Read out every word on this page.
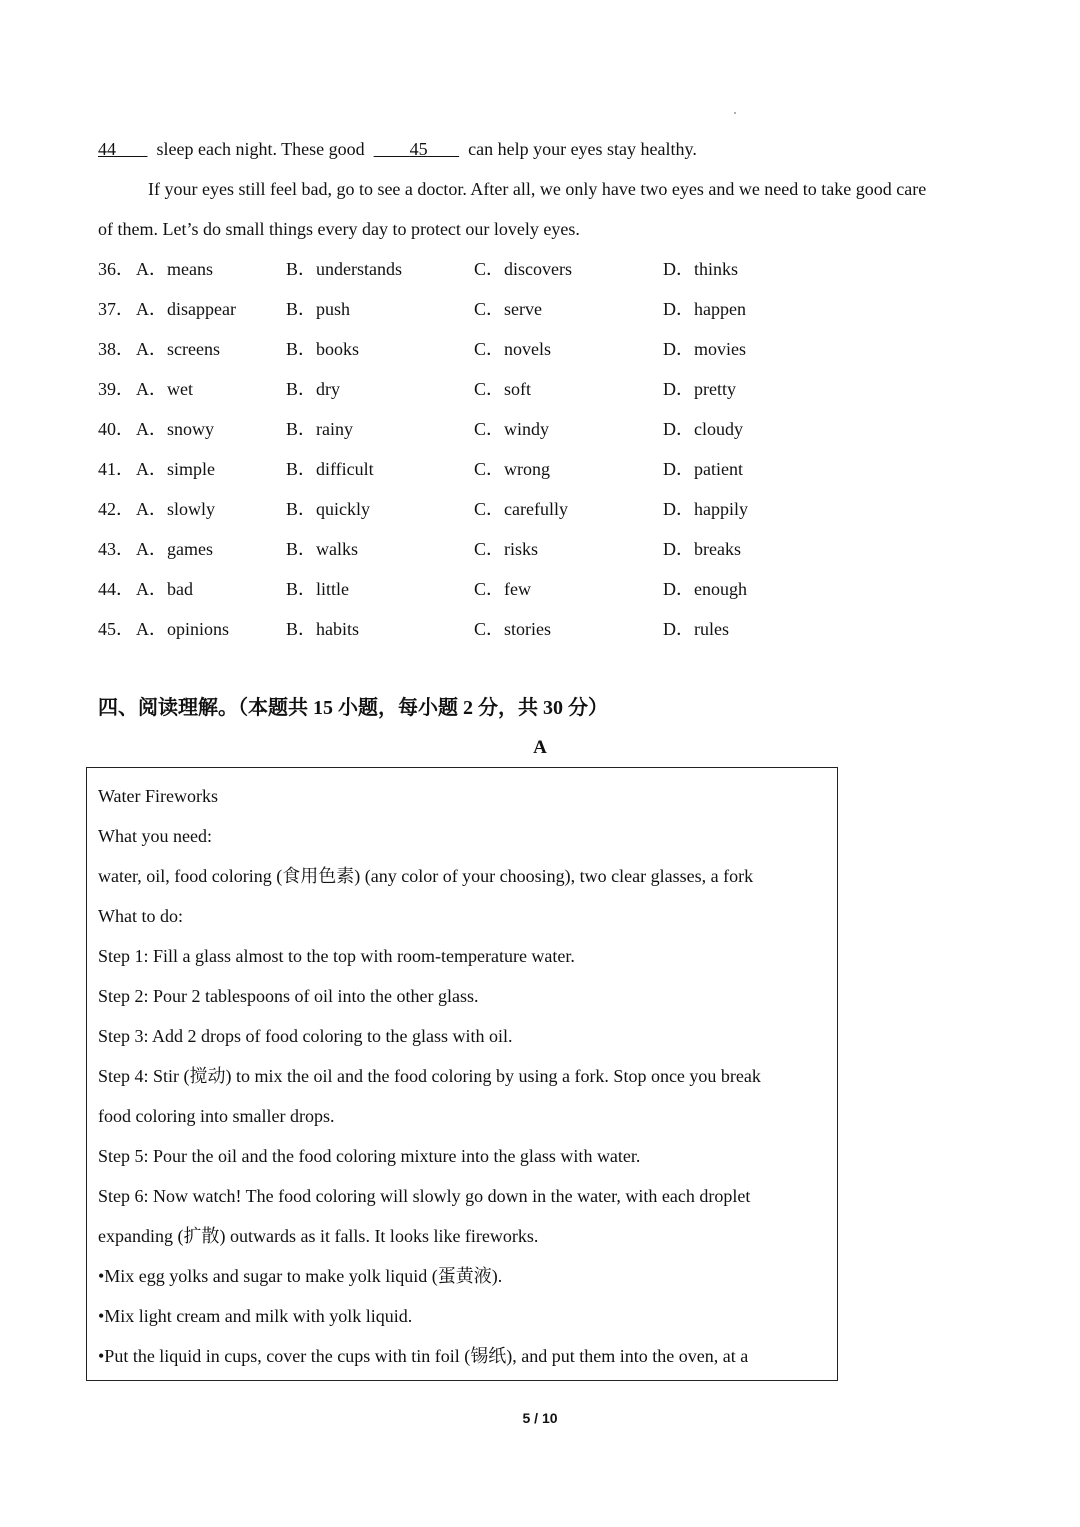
44 sleep each night. These good	45 can help your eyes stay healthy.
If your eyes still feel bad, go to see a doctor. After all, we only have two eyes and we need to take good care
of them. Let’s do small things every day to protect our lovely eyes.
36． A．means	B．understands	C．discovers	D．thinks
37． A．disappear	B．push	C．serve	D．happen
38． A．screens	B．books	C．novels	D．movies
39． A．wet	B．dry	C．soft	D．pretty
40． A．snowy	B．rainy	C．windy	D．cloudy
41． A．simple	B．difficult	C．wrong	D．patient
42． A．slowly	B．quickly	C．carefully	D．happily
43． A．games	B．walks	C．risks	D．breaks
44． A．bad	B．little	C．few	D．enough
45． A．opinions	B．habits	C．stories	D．rules
四、阅读理解。（本题共 15 小题，每小题 2 分，共 30 分）
A
Water Fireworks
What you need:
water, oil, food coloring (食用色素) (any color of your choosing), two clear glasses, a fork
What to do:
Step 1: Fill a glass almost to the top with room-temperature water.
Step 2: Pour 2 tablespoons of oil into the other glass.
Step 3: Add 2 drops of food coloring to the glass with oil.
Step 4: Stir (搅动) to mix the oil and the food coloring by using a fork. Stop once you break
food coloring into smaller drops.
Step 5: Pour the oil and the food coloring mixture into the glass with water.
Step 6: Now watch! The food coloring will slowly go down in the water, with each droplet
expanding (扩散) outwards as it falls. It looks like fireworks.
•Mix egg yolks and sugar to make yolk liquid (蛋黄液).
•Mix light cream and milk with yolk liquid.
•Put the liquid in cups, cover the cups with tin foil (锡纸), and put them into the oven, at a
5 / 10
